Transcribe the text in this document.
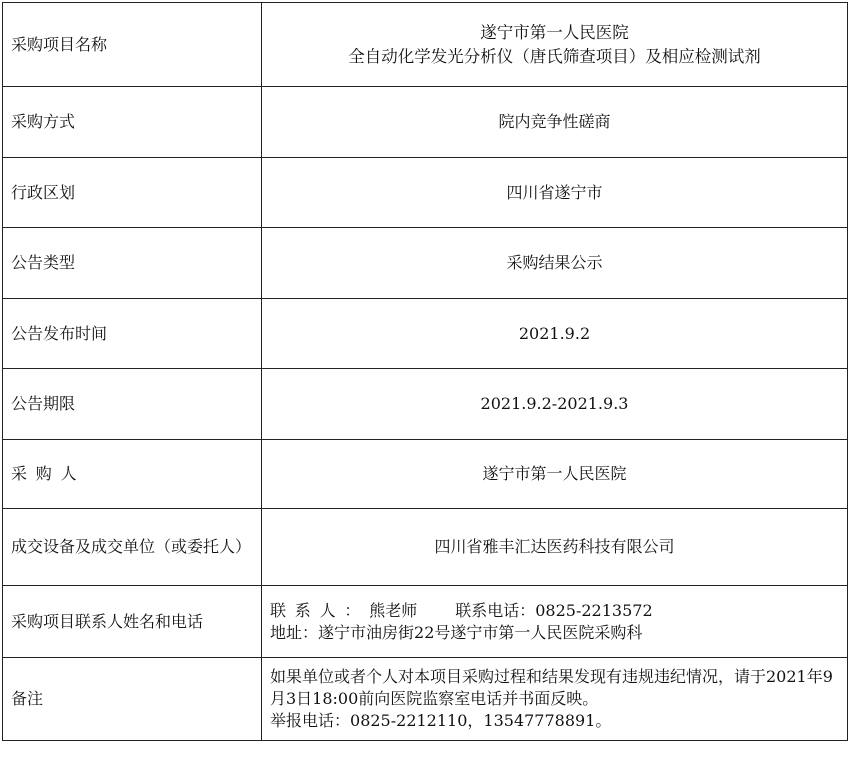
采购项目名称	遂宁市第一人民医院
全自动化学发光分析仪（唐氏筛查项目）及相应检测试剂

采购方式	院内竞争性磋商
行政区划	四川省遂宁市
公告类型	采购结果公示
公告发布时间	2021.9.2
公告期限	2021.9.2-2021.9.3
采购人	遂宁市第一人民医院
成交设备及成交单位（或委托人）	四川省雅丰汇达医药科技有限公司
采购项目联系人姓名和电话	联系人：熊老师 联系电话：0825-2213572
地址：遂宁市油房街22号遂宁市第一人民医院采购科

备注	如果单位或者个人对本项目采购过程和结果发现有违规违纪情况，请于2021年9月3日18:00前向医院监察室电话并书面反映。
举报电话：0825-2212110，13547778891。
